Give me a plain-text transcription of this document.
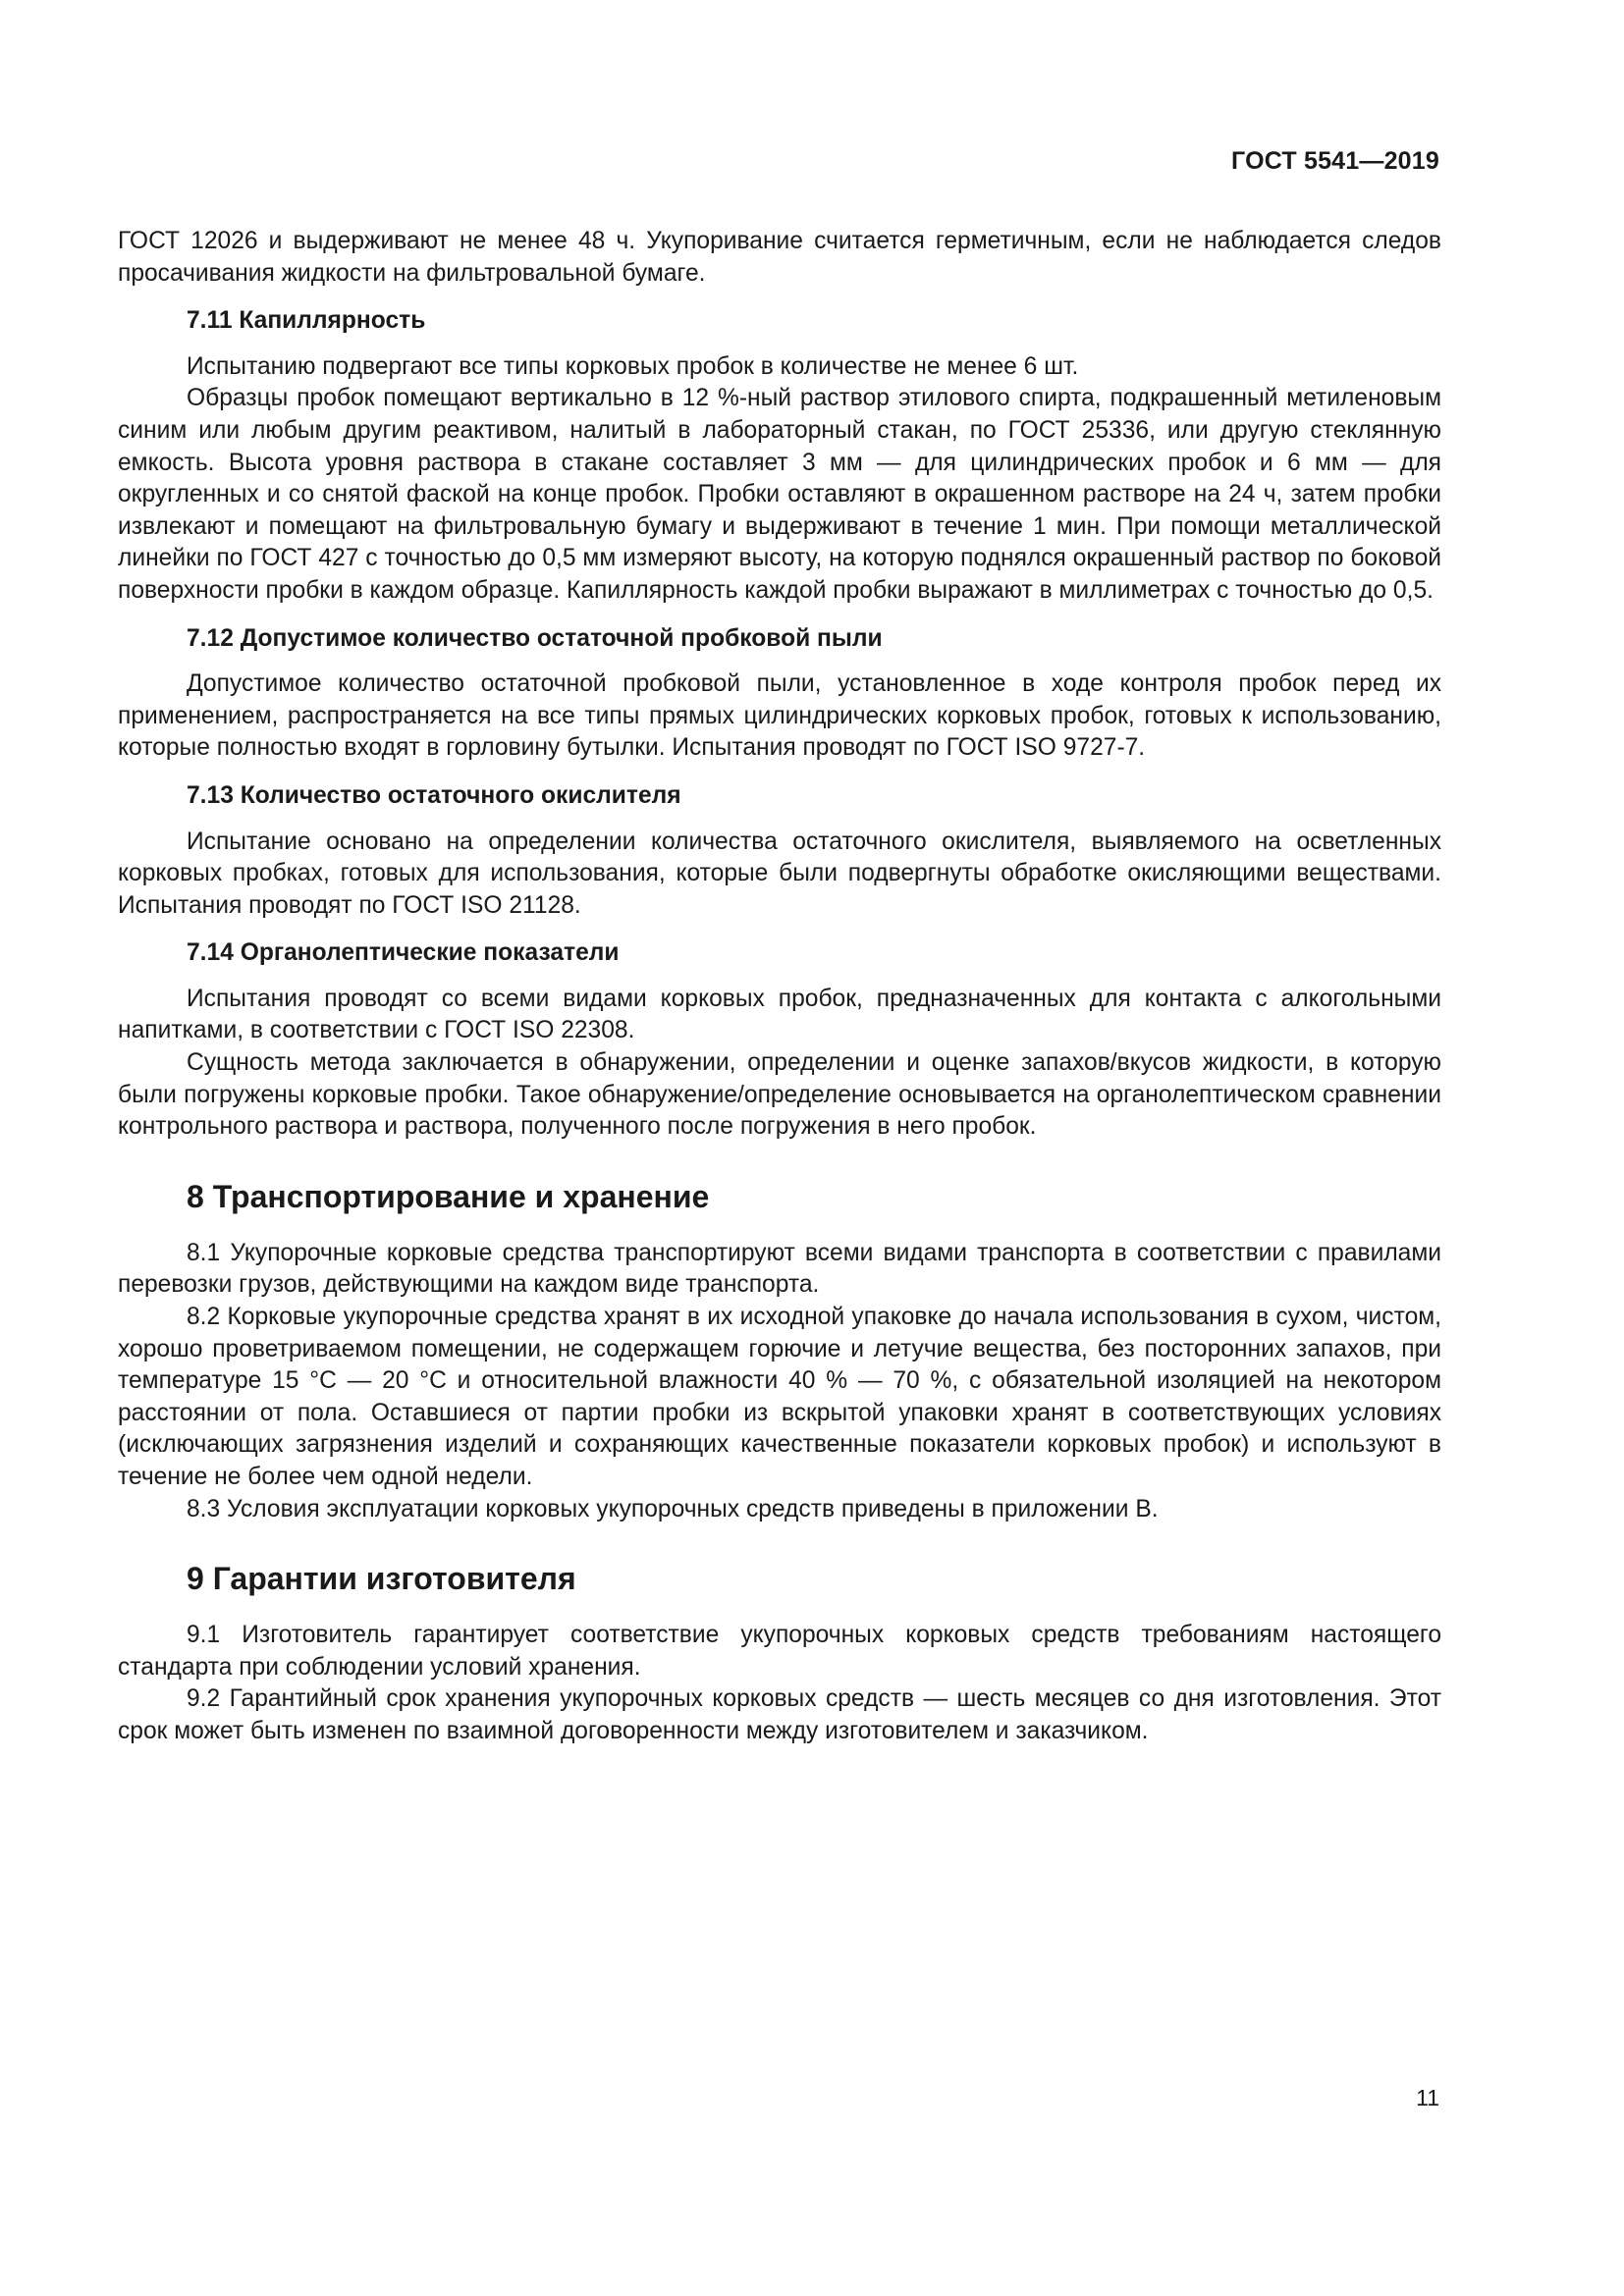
ГОСТ 5541—2019

ГОСТ 12026 и выдерживают не менее 48 ч. Укупоривание считается герметичным, если не наблюдается следов просачивания жидкости на фильтровальной бумаге.

7.11 Капиллярность

Испытанию подвергают все типы корковых пробок в количестве не менее 6 шт.

Образцы пробок помещают вертикально в 12 %-ный раствор этилового спирта, подкрашенный метиленовым синим или любым другим реактивом, налитый в лабораторный стакан, по ГОСТ 25336, или другую стеклянную емкость. Высота уровня раствора в стакане составляет 3 мм — для цилиндрических пробок и 6 мм — для округленных и со снятой фаской на конце пробок. Пробки оставляют в окрашенном растворе на 24 ч, затем пробки извлекают и помещают на фильтровальную бумагу и выдерживают в течение 1 мин. При помощи металлической линейки по ГОСТ 427 с точностью до 0,5 мм измеряют высоту, на которую поднялся окрашенный раствор по боковой поверхности пробки в каждом образце. Капиллярность каждой пробки выражают в миллиметрах с точностью до 0,5.

7.12 Допустимое количество остаточной пробковой пыли

Допустимое количество остаточной пробковой пыли, установленное в ходе контроля пробок перед их применением, распространяется на все типы прямых цилиндрических корковых пробок, готовых к использованию, которые полностью входят в горловину бутылки. Испытания проводят по ГОСТ ISO 9727-7.

7.13 Количество остаточного окислителя

Испытание основано на определении количества остаточного окислителя, выявляемого на осветленных корковых пробках, готовых для использования, которые были подвергнуты обработке окисляющими веществами. Испытания проводят по ГОСТ ISO 21128.

7.14 Органолептические показатели

Испытания проводят со всеми видами корковых пробок, предназначенных для контакта с алкогольными напитками, в соответствии с ГОСТ ISO 22308.

Сущность метода заключается в обнаружении, определении и оценке запахов/вкусов жидкости, в которую были погружены корковые пробки. Такое обнаружение/определение основывается на органолептическом сравнении контрольного раствора и раствора, полученного после погружения в него пробок.

8 Транспортирование и хранение

8.1 Укупорочные корковые средства транспортируют всеми видами транспорта в соответствии с правилами перевозки грузов, действующими на каждом виде транспорта.

8.2 Корковые укупорочные средства хранят в их исходной упаковке до начала использования в сухом, чистом, хорошо проветриваемом помещении, не содержащем горючие и летучие вещества, без посторонних запахов, при температуре 15 °С — 20 °С и относительной влажности 40 % — 70 %, с обязательной изоляцией на некотором расстоянии от пола. Оставшиеся от партии пробки из вскрытой упаковки хранят в соответствующих условиях (исключающих загрязнения изделий и сохраняющих качественные показатели корковых пробок) и используют в течение не более чем одной недели.

8.3 Условия эксплуатации корковых укупорочных средств приведены в приложении В.

9 Гарантии изготовителя

9.1 Изготовитель гарантирует соответствие укупорочных корковых средств требованиям настоящего стандарта при соблюдении условий хранения.

9.2 Гарантийный срок хранения укупорочных корковых средств — шесть месяцев со дня изготовления. Этот срок может быть изменен по взаимной договоренности между изготовителем и заказчиком.

11
